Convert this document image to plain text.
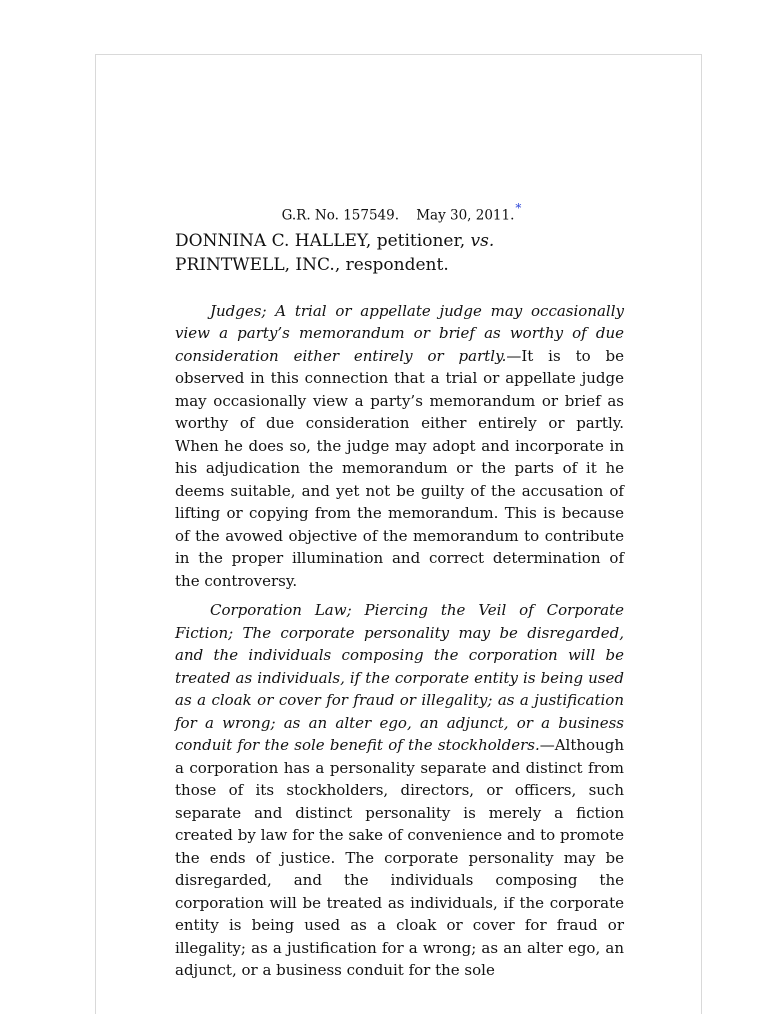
G.R. No. 157549. May 30, 2011.*
DONNINA C. HALLEY, petitioner, vs.
PRINTWELL, INC., respondent.

Judges; A trial or appellate judge may occasionally view a party’s memorandum or brief as worthy of due consideration either entirely or partly.—It is to be observed in this connection that a trial or appellate judge may occasionally view a party’s memorandum or brief as worthy of due consideration either entirely or partly. When he does so, the judge may adopt and incorporate in his adjudication the memorandum or the parts of it he deems suitable, and yet not be guilty of the accusation of lifting or copying from the memorandum. This is because of the avowed objective of the memorandum to contribute in the proper illumination and correct determination of the controversy.

Corporation Law; Piercing the Veil of Corporate Fiction; The corporate personality may be disregarded, and the individuals composing the corporation will be treated as individuals, if the corporate entity is being used as a cloak or cover for fraud or illegality; as a justification for a wrong; as an alter ego, an adjunct, or a business conduit for the sole benefit of the stockholders.—Although a corporation has a personality separate and distinct from those of its stockholders, directors, or officers, such separate and distinct personality is merely a fiction created by law for the sake of convenience and to promote the ends of justice. The corporate personality may be disregarded, and the individuals composing the corporation will be treated as individuals, if the corporate entity is being used as a cloak or cover for fraud or illegality; as a justification for a wrong; as an alter ego, an adjunct, or a business conduit for the sole
